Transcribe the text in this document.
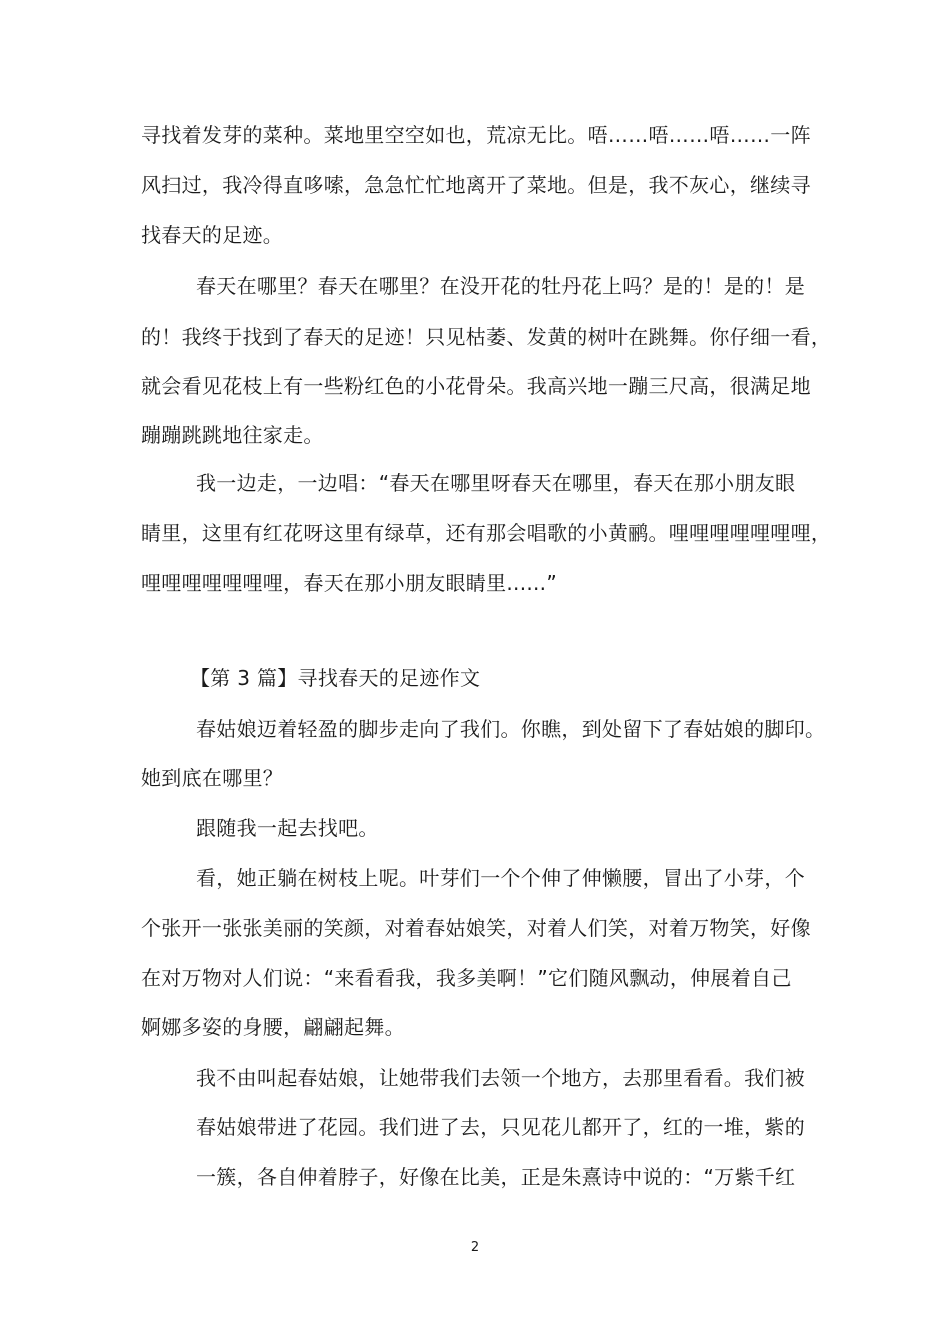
寻找着发芽的菜种。菜地里空空如也，荒凉无比。唔……唔……唔……一阵
风扫过，我冷得直哆嗦，急急忙忙地离开了菜地。但是，我不灰心，继续寻
找春天的足迹。
春天在哪里？春天在哪里？在没开花的牡丹花上吗？是的！是的！是
的！我终于找到了春天的足迹！只见枯萎、发黄的树叶在跳舞。你仔细一看，
就会看见花枝上有一些粉红色的小花骨朵。我高兴地一蹦三尺高，很满足地
蹦蹦跳跳地往家走。
我一边走，一边唱：“春天在哪里呀春天在哪里，春天在那小朋友眼
睛里，这里有红花呀这里有绿草，还有那会唱歌的小黄鹂。哩哩哩哩哩哩哩，
哩哩哩哩哩哩哩，春天在那小朋友眼睛里......”
【第 3 篇】寻找春天的足迹作文
春姑娘迈着轻盈的脚步走向了我们。你瞧，到处留下了春姑娘的脚印。
她到底在哪里？
跟随我一起去找吧。
看，她正躺在树枝上呢。叶芽们一个个伸了伸懒腰，冒出了小芽，个
个张开一张张美丽的笑颜，对着春姑娘笑，对着人们笑，对着万物笑，好像
在对万物对人们说：“来看看我，我多美啊！”它们随风飘动，伸展着自己
婀娜多姿的身腰，翩翩起舞。
我不由叫起春姑娘，让她带我们去领一个地方，去那里看看。我们被
春姑娘带进了花园。我们进了去，只见花儿都开了，红的一堆，紫的
一簇，各自伸着脖子，好像在比美，正是朱熹诗中说的：“万紫千红
2
